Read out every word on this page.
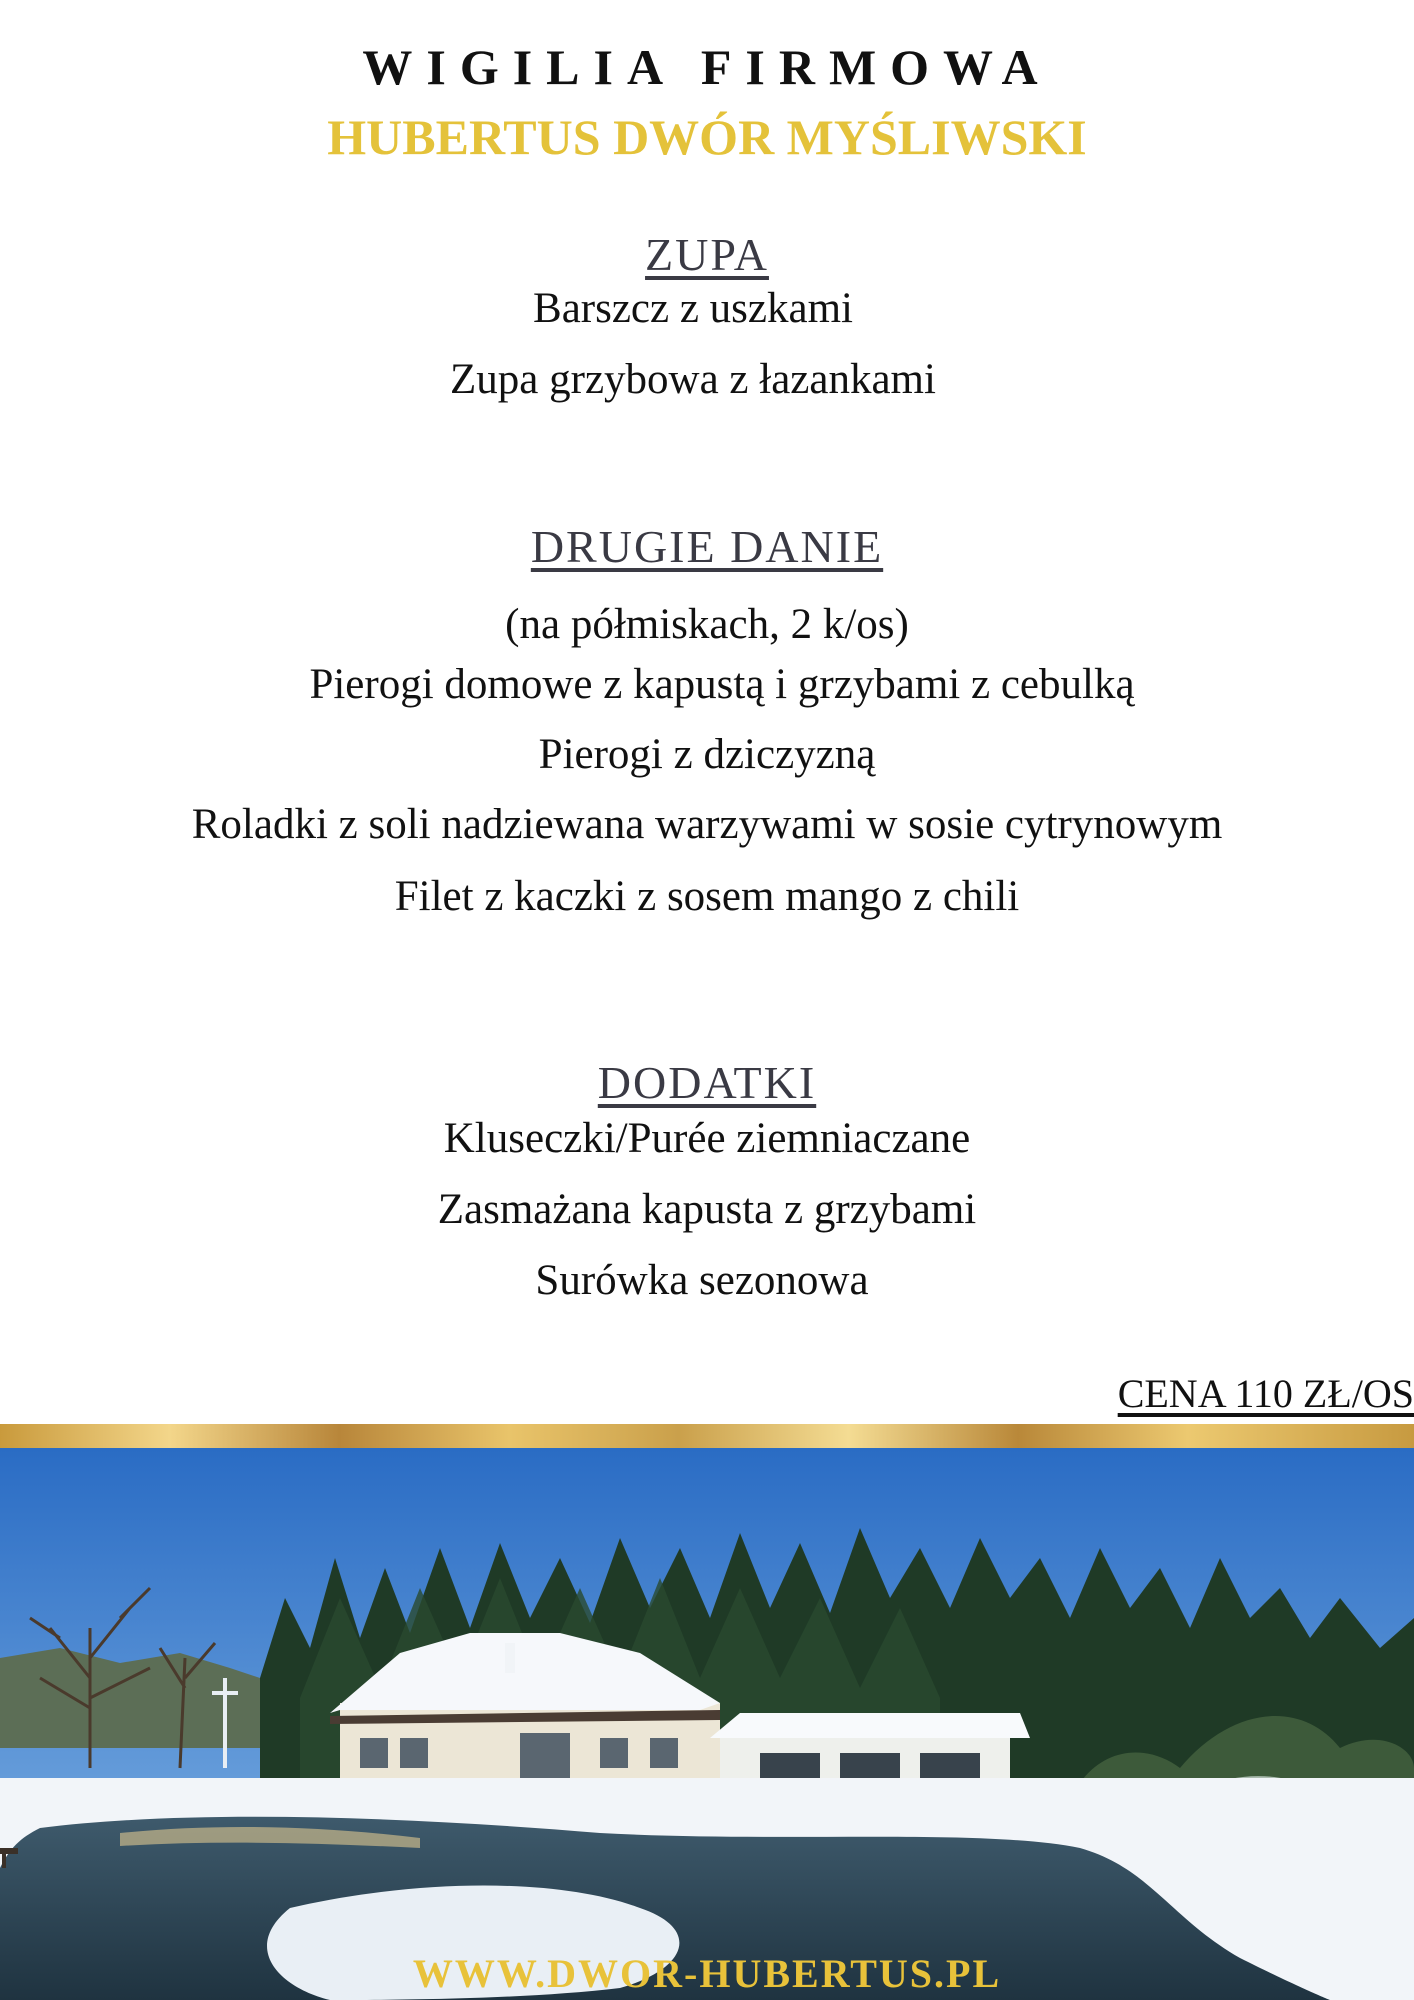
WIGILIA FIRMOWA
HUBERTUS DWÓR MYŚLIWSKI

ZUPA

Barszcz z uszkami

Zupa grzybowa z łazankami

DRUGIE DANIE

(na półmiskach, 2 k/os)

Pierogi domowe z kapustą i grzybami z cebulką

Pierogi z dziczyzną

Roladki z soli nadziewana warzywami w sosie cytrynowym

Filet z kaczki z sosem mango z chili

DODATKI

Kluseczki/Purée ziemniaczane

Zasmażana kapusta z grzybami

Surówka sezonowa

CENA 110 ZŁ/OS

WWW.DWOR-HUBERTUS.PL
